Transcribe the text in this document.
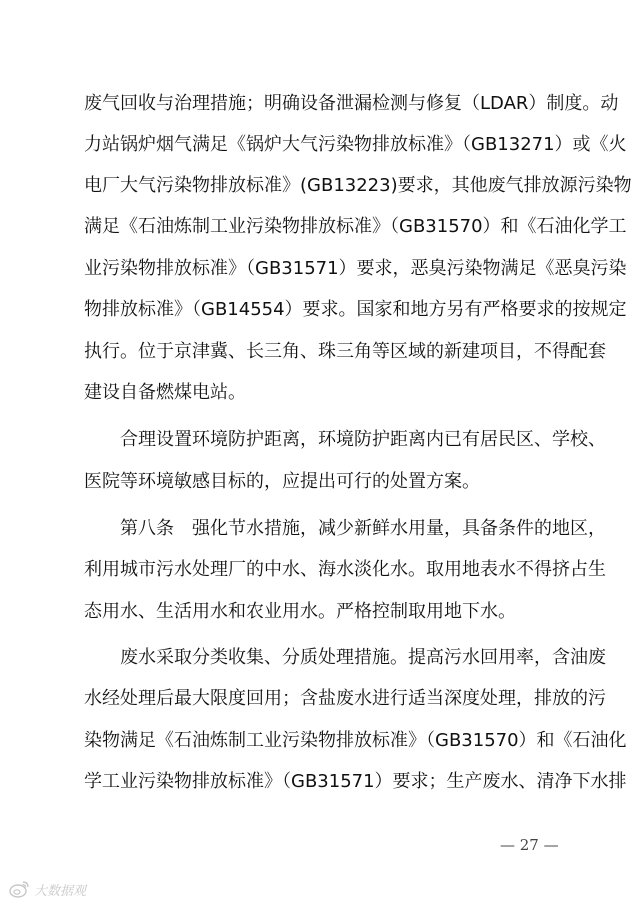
废气回收与治理措施；明确设备泄漏检测与修复（LDAR）制度。动
力站锅炉烟气满足《锅炉大气污染物排放标准》（GB13271）或《火
电厂大气污染物排放标准》(GB13223)要求，其他废气排放源污染物
满足《石油炼制工业污染物排放标准》（GB31570）和《石油化学工
业污染物排放标准》（GB31571）要求，恶臭污染物满足《恶臭污染
物排放标准》（GB14554）要求。国家和地方另有严格要求的按规定
执行。位于京津冀、长三角、珠三角等区域的新建项目，不得配套
建设自备燃煤电站。
合理设置环境防护距离，环境防护距离内已有居民区、学校、
医院等环境敏感目标的，应提出可行的处置方案。
第八条　强化节水措施，减少新鲜水用量，具备条件的地区，
利用城市污水处理厂的中水、海水淡化水。取用地表水不得挤占生
态用水、生活用水和农业用水。严格控制取用地下水。
废水采取分类收集、分质处理措施。提高污水回用率，含油废
水经处理后最大限度回用；含盐废水进行适当深度处理，排放的污
染物满足《石油炼制工业污染物排放标准》（GB31570）和《石油化
学工业污染物排放标准》（GB31571）要求；生产废水、清净下水排
— 27 —
大数据观
